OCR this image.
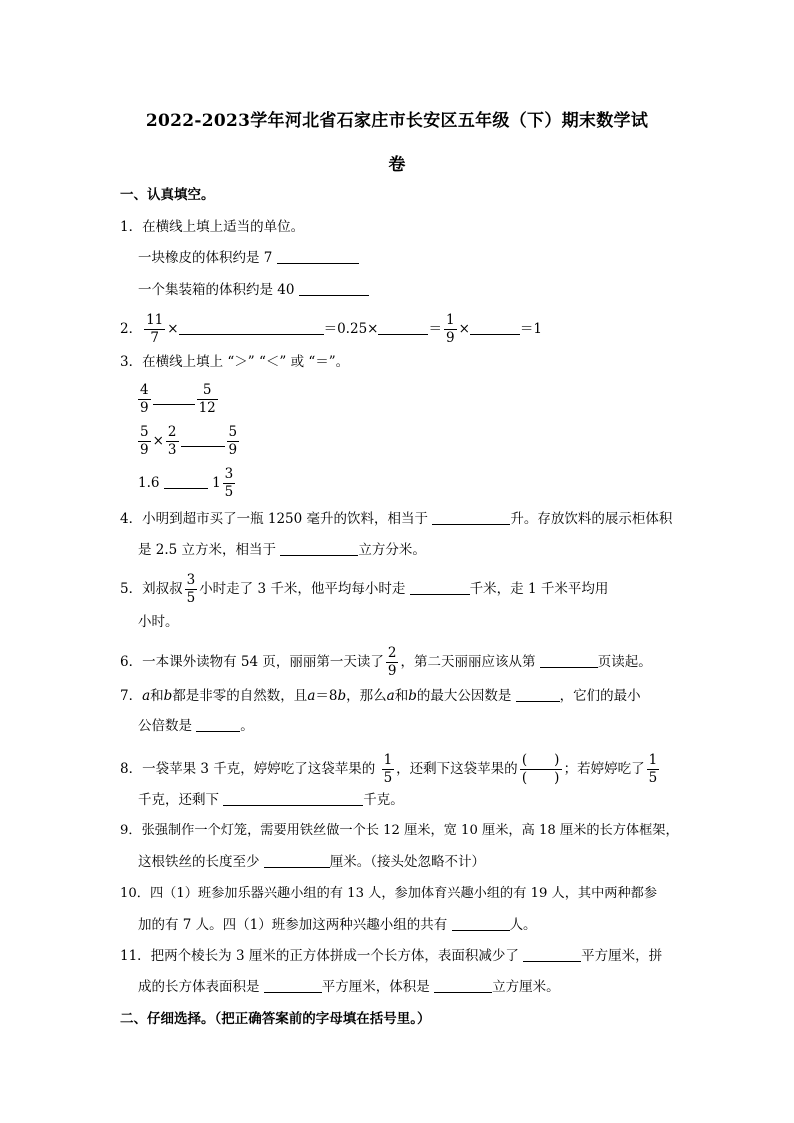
2022-2023学年河北省石家庄市长安区五年级（下）期末数学试
卷
一、认真填空。
1．在横线上填上适当的单位。
一块橡皮的体积约是 7
一个集装箱的体积约是 40
2． $\frac{11}{7}$ ×	＝0.25×	＝ $\frac{1}{9}$ ×	＝1
3．在横线上填上 “＞” “＜” 或 “＝”。
$\frac{4}{9}$	$\frac{5}{12}$
$\frac{5}{9} \times \frac{2}{3}$	$\frac{5}{9}$
1.6	$1 \frac{3}{5}$
4．小明到超市买了一瓶 1250 毫升的饮料，相当于	升。存放饮料的展示柜体积
是 2.5 立方米，相当于	立方分米。
5．刘叔叔 $\frac{3}{5}$ 小时走了 3 千米，他平均每小时走	千米，走 1 千米平均用
小时。
6．一本课外读物有 54 页，丽丽第一天读了 $\frac{2}{9}$ ，第二天丽丽应该从第	页读起。
7．a和b都是非零的自然数，且a＝8b，那么a和b的最大公因数是	，它们的最小
公倍数是	。
8．一袋苹果 3 千克，婷婷吃了这袋苹果的 $\frac{1}{5}$ ，还剩下这袋苹果的 $\frac{( )}{( )}$ ；若婷婷吃了 $\frac{1}{5}$
千克，还剩下	千克。
9．张强制作一个灯笼，需要用铁丝做一个长 12 厘米，宽 10 厘米，高 18 厘米的长方体框架，
这根铁丝的长度至少	厘米。（接头处忽略不计）
10．四（1）班参加乐器兴趣小组的有 13 人，参加体育兴趣小组的有 19 人，其中两种都参
加的有 7 人。四（1）班参加这两种兴趣小组的共有	人。
11．把两个棱长为 3 厘米的正方体拼成一个长方体，表面积减少了	平方厘米，拼
成的长方体表面积是	平方厘米，体积是	立方厘米。
二、仔细选择。（把正确答案前的字母填在括号里。）
